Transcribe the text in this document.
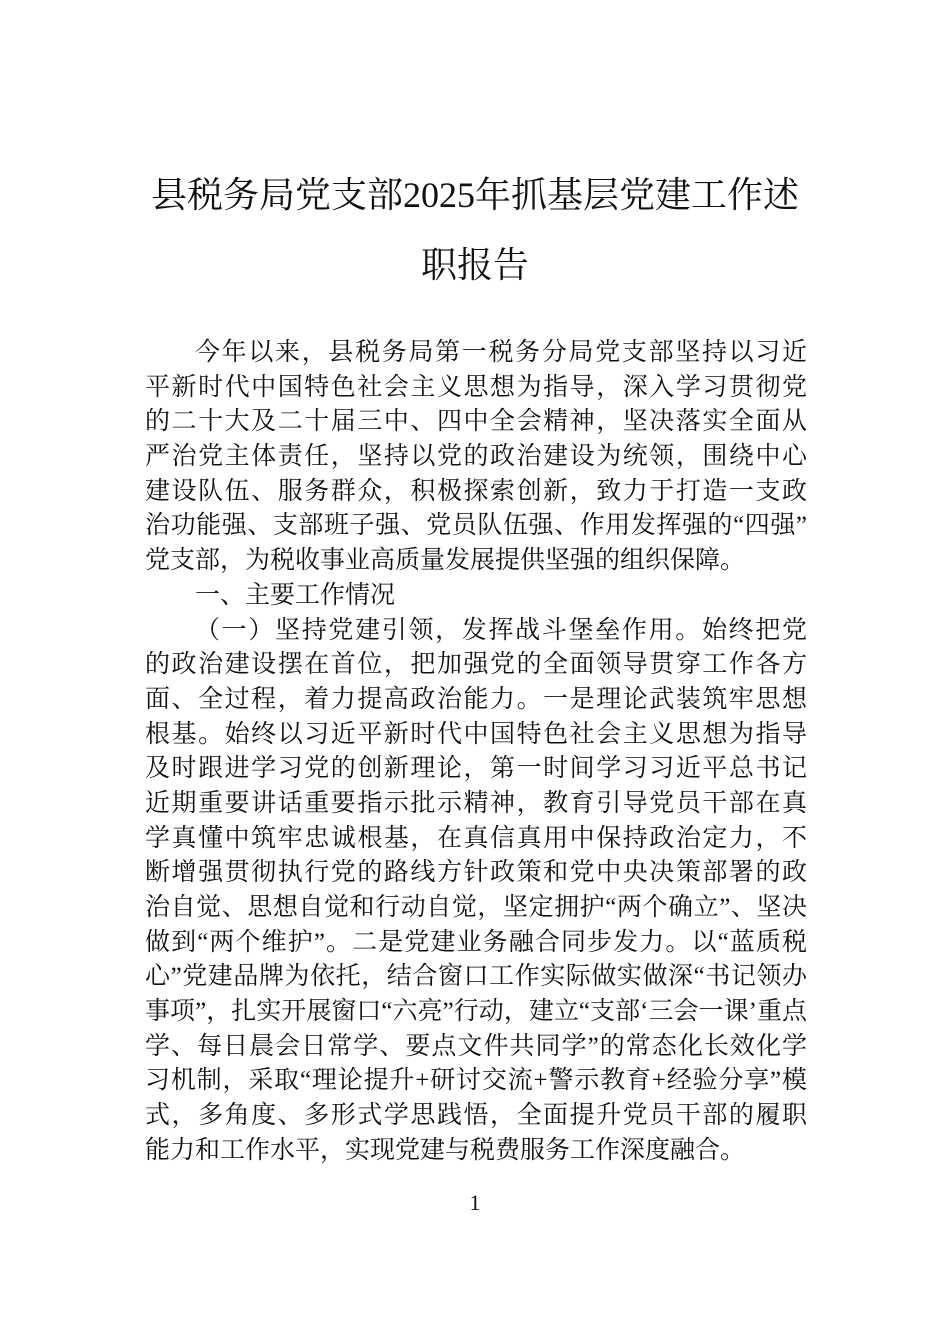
县税务局党支部2025年抓基层党建工作述
职报告
今年以来，县税务局第一税务分局党支部坚持以习近
平新时代中国特色社会主义思想为指导，深入学习贯彻党
的二十大及二十届三中、四中全会精神，坚决落实全面从
严治党主体责任，坚持以党的政治建设为统领，围绕中心
建设队伍、服务群众，积极探索创新，致力于打造一支政
治功能强、支部班子强、党员队伍强、作用发挥强的“四强”
党支部，为税收事业高质量发展提供坚强的组织保障。
一、主要工作情况
（一）坚持党建引领，发挥战斗堡垒作用。始终把党
的政治建设摆在首位，把加强党的全面领导贯穿工作各方
面、全过程，着力提高政治能力。一是理论武装筑牢思想
根基。始终以习近平新时代中国特色社会主义思想为指导
及时跟进学习党的创新理论，第一时间学习习近平总书记
近期重要讲话重要指示批示精神，教育引导党员干部在真
学真懂中筑牢忠诚根基，在真信真用中保持政治定力，不
断增强贯彻执行党的路线方针政策和党中央决策部署的政
治自觉、思想自觉和行动自觉，坚定拥护“两个确立”、坚决
做到“两个维护”。二是党建业务融合同步发力。以“蓝质税
心”党建品牌为依托，结合窗口工作实际做实做深“书记领办
事项”，扎实开展窗口“六亮”行动，建立“支部‘三会一课’重点
学、每日晨会日常学、要点文件共同学”的常态化长效化学
习机制，采取“理论提升+研讨交流+警示教育+经验分享”模
式，多角度、多形式学思践悟，全面提升党员干部的履职
能力和工作水平，实现党建与税费服务工作深度融合。
1
